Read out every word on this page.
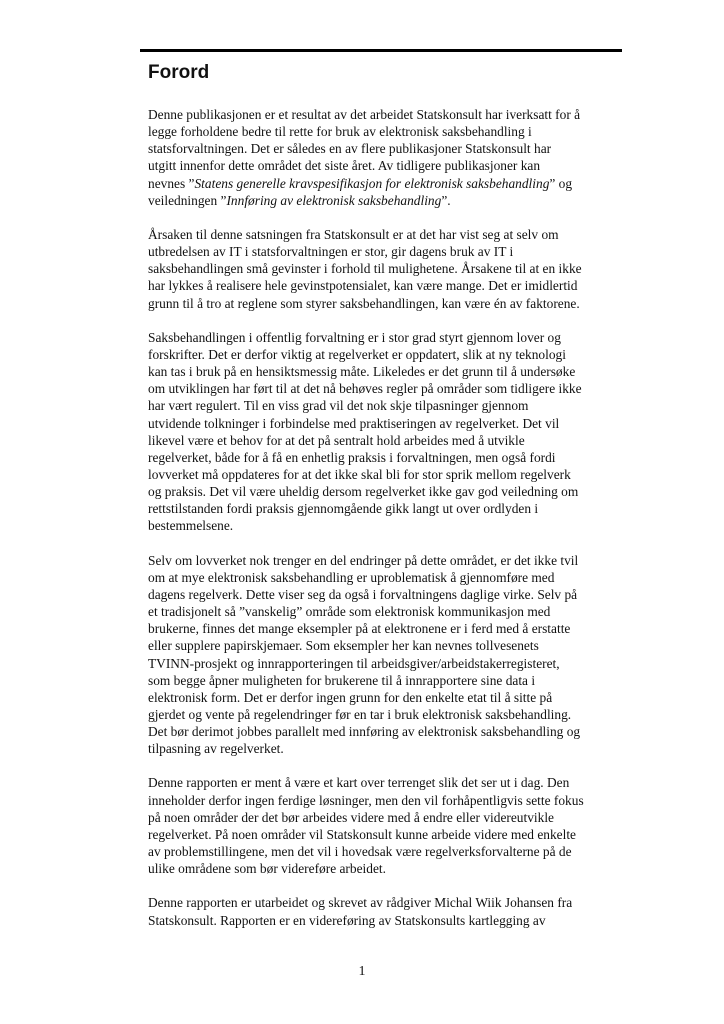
Forord

Denne publikasjonen er et resultat av det arbeidet Statskonsult har iverksatt for å
legge forholdene bedre til rette for bruk av elektronisk saksbehandling i
statsforvaltningen. Det er således en av flere publikasjoner Statskonsult har
utgitt innenfor dette området det siste året. Av tidligere publikasjoner kan
nevnes ”Statens generelle kravspesifikasjon for elektronisk saksbehandling” og
veiledningen ”Innføring av elektronisk saksbehandling”.

Årsaken til denne satsningen fra Statskonsult er at det har vist seg at selv om
utbredelsen av IT i statsforvaltningen er stor, gir dagens bruk av IT i
saksbehandlingen små gevinster i forhold til mulighetene. Årsakene til at en ikke
har lykkes å realisere hele gevinstpotensialet, kan være mange. Det er imidlertid
grunn til å tro at reglene som styrer saksbehandlingen, kan være én av faktorene.

Saksbehandlingen i offentlig forvaltning er i stor grad styrt gjennom lover og
forskrifter. Det er derfor viktig at regelverket er oppdatert, slik at ny teknologi
kan tas i bruk på en hensiktsmessig måte. Likeledes er det grunn til å undersøke
om utviklingen har ført til at det nå behøves regler på områder som tidligere ikke
har vært regulert. Til en viss grad vil det nok skje tilpasninger gjennom
utvidende tolkninger i forbindelse med praktiseringen av regelverket. Det vil
likevel være et behov for at det på sentralt hold arbeides med å utvikle
regelverket, både for å få en enhetlig praksis i forvaltningen, men også fordi
lovverket må oppdateres for at det ikke skal bli for stor sprik mellom regelverk
og praksis. Det vil være uheldig dersom regelverket ikke gav god veiledning om
rettstilstanden fordi praksis gjennomgående gikk langt ut over ordlyden i
bestemmelsene.

Selv om lovverket nok trenger en del endringer på dette området, er det ikke tvil
om at mye elektronisk saksbehandling er uproblematisk å gjennomføre med
dagens regelverk. Dette viser seg da også i forvaltningens daglige virke. Selv på
et tradisjonelt så ”vanskelig” område som elektronisk kommunikasjon med
brukerne, finnes det mange eksempler på at elektronene er i ferd med å erstatte
eller supplere papirskjemaer. Som eksempler her kan nevnes tollvesenets
TVINN-prosjekt og innrapporteringen til arbeidsgiver/arbeidstakerregisteret,
som begge åpner muligheten for brukerene til å innrapportere sine data i
elektronisk form. Det er derfor ingen grunn for den enkelte etat til å sitte på
gjerdet og vente på regelendringer før en tar i bruk elektronisk saksbehandling.
Det bør derimot jobbes parallelt med innføring av elektronisk saksbehandling og
tilpasning av regelverket.

Denne rapporten er ment å være et kart over terrenget slik det ser ut i dag. Den
inneholder derfor ingen ferdige løsninger, men den vil forhåpentligvis sette fokus
på noen områder der det bør arbeides videre med å endre eller videreutvikle
regelverket. På noen områder vil Statskonsult kunne arbeide videre med enkelte
av problemstillingene, men det vil i hovedsak være regelverksforvalterne på de
ulike områdene som bør videreføre arbeidet.

Denne rapporten er utarbeidet og skrevet av rådgiver Michal Wiik Johansen fra
Statskonsult. Rapporten er en videreføring av Statskonsults kartlegging av

1
